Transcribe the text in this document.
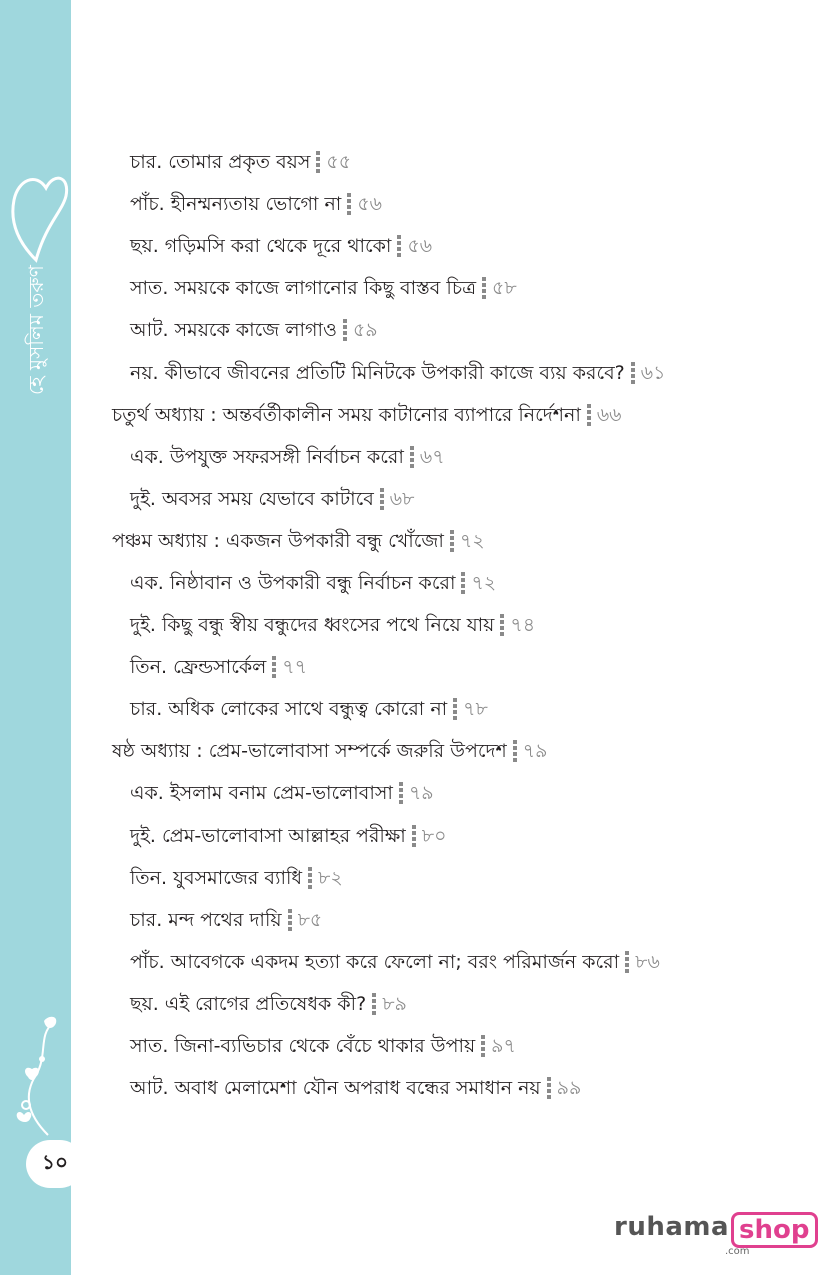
হে মুসলিম তরুণ
১০
চার. তোমার প্রকৃত বয়স ৫৫
পাঁচ. হীনম্মন্যতায় ভোগো না ৫৬
ছয়. গড়িমসি করা থেকে দূরে থাকো ৫৬
সাত. সময়কে কাজে লাগানোর কিছু বাস্তব চিত্র ৫৮
আট. সময়কে কাজে লাগাও ৫৯
নয়. কীভাবে জীবনের প্রতিটি মিনিটকে উপকারী কাজে ব্যয় করবে? ৬১
চতুর্থ অধ্যায় : অন্তর্বর্তীকালীন সময় কাটানোর ব্যাপারে নির্দেশনা ৬৬
এক. উপযুক্ত সফরসঙ্গী নির্বাচন করো ৬৭
দুই. অবসর সময় যেভাবে কাটাবে ৬৮
পঞ্চম অধ্যায় : একজন উপকারী বন্ধু খোঁজো ৭২
এক. নিষ্ঠাবান ও উপকারী বন্ধু নির্বাচন করো ৭২
দুই. কিছু বন্ধু স্বীয় বন্ধুদের ধ্বংসের পথে নিয়ে যায় ৭৪
তিন. ফ্রেন্ডসার্কেল ৭৭
চার. অধিক লোকের সাথে বন্ধুত্ব কোরো না ৭৮
ষষ্ঠ অধ্যায় : প্রেম-ভালোবাসা সম্পর্কে জরুরি উপদেশ ৭৯
এক. ইসলাম বনাম প্রেম-ভালোবাসা ৭৯
দুই. প্রেম-ভালোবাসা আল্লাহর পরীক্ষা ৮০
তিন. যুবসমাজের ব্যাধি ৮২
চার. মন্দ পথের দায়ি ৮৫
পাঁচ. আবেগকে একদম হত্যা করে ফেলো না; বরং পরিমার্জন করো ৮৬
ছয়. এই রোগের প্রতিষেধক কী? ৮৯
সাত. জিনা-ব্যভিচার থেকে বেঁচে থাকার উপায় ৯৭
আট. অবাধ মেলামেশা যৌন অপরাধ বন্ধের সমাধান নয় ৯৯
ruhama shop
.com
